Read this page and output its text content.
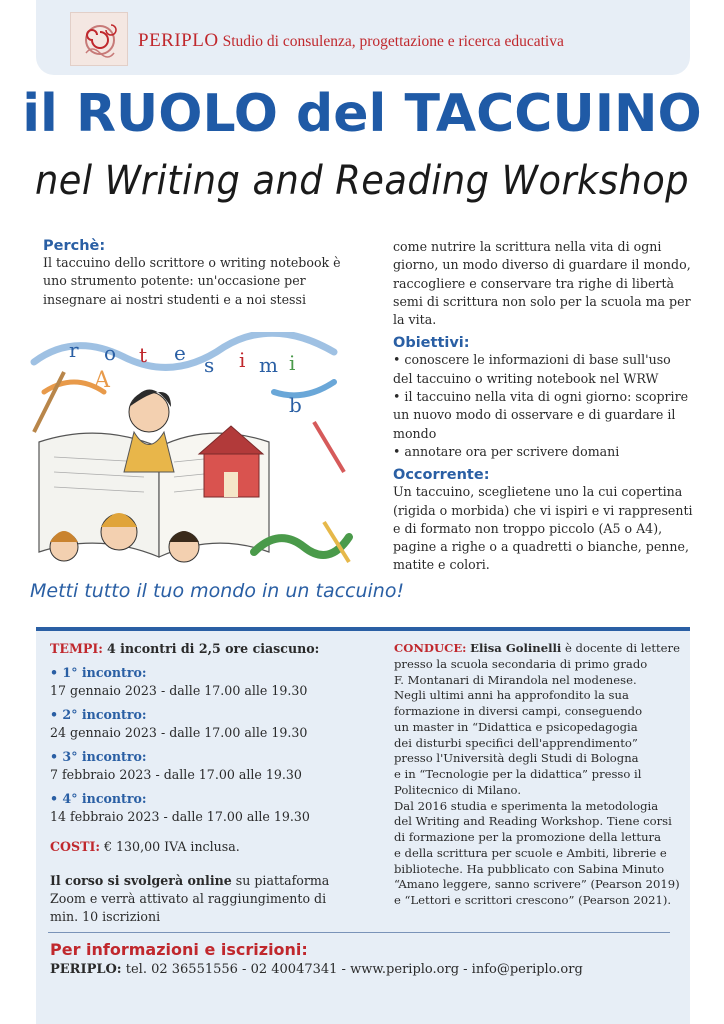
PERIPLO Studio di consulenza, progettazione e ricerca educativa
il RUOLO del TACCUINO
nel Writing and Reading Workshop
Perchè:
Il taccuino dello scrittore o writing notebook è uno strumento potente: un'occasione per insegnare ai nostri studenti e a noi stessi
come nutrire la scrittura nella vita di ogni giorno, un modo diverso di guardare il mondo, raccogliere e conservare tra righe di libertà semi di scrittura non solo per la scuola ma per la vita.
Obiettivi:
• conoscere le informazioni di base sull'uso del taccuino o writing notebook nel WRW
• il taccuino nella vita di ogni giorno: scoprire un nuovo modo di osservare e di guardare il mondo
• annotare ora per scrivere domani
Occorrente:
Un taccuino, sceglietene uno la cui copertina (rigida o morbida) che vi ispiri e vi rappresenti e di formato non troppo piccolo (A5 o A4), pagine a righe o a quadretti o bianche, penne, matite e colori.
r o t e
A
s i m i
b
Metti tutto il tuo mondo in un taccuino!
TEMPI: 4 incontri di 2,5 ore ciascuno:
• 1° incontro:
17 gennaio 2023 - dalle 17.00 alle 19.30
• 2° incontro:
24 gennaio 2023 - dalle 17.00 alle 19.30
• 3° incontro:
7 febbraio 2023 - dalle 17.00 alle 19.30
• 4° incontro:
14 febbraio 2023 - dalle 17.00 alle 19.30
COSTI: € 130,00 IVA inclusa.
Il corso si svolgerà online su piattaforma
Zoom e verrà attivato al raggiungimento di
min. 10 iscrizioni
CONDUCE: Elisa Golinelli è docente di lettere
presso la scuola secondaria di primo grado
F. Montanari di Mirandola nel modenese.
Negli ultimi anni ha approfondito la sua
formazione in diversi campi, conseguendo
un master in “Didattica e psicopedagogia
dei disturbi specifici dell'apprendimento”
presso l'Università degli Studi di Bologna
e in “Tecnologie per la didattica” presso il
Politecnico di Milano.
Dal 2016 studia e sperimenta la metodologia
del Writing and Reading Workshop. Tiene corsi
di formazione per la promozione della lettura
e della scrittura per scuole e Ambiti, librerie e
biblioteche. Ha pubblicato con Sabina Minuto
“Amano leggere, sanno scrivere” (Pearson 2019)
e “Lettori e scrittori crescono” (Pearson 2021).
Per informazioni e iscrizioni:
PERIPLO: tel. 02 36551556 - 02 40047341 - www.periplo.org - info@periplo.org
